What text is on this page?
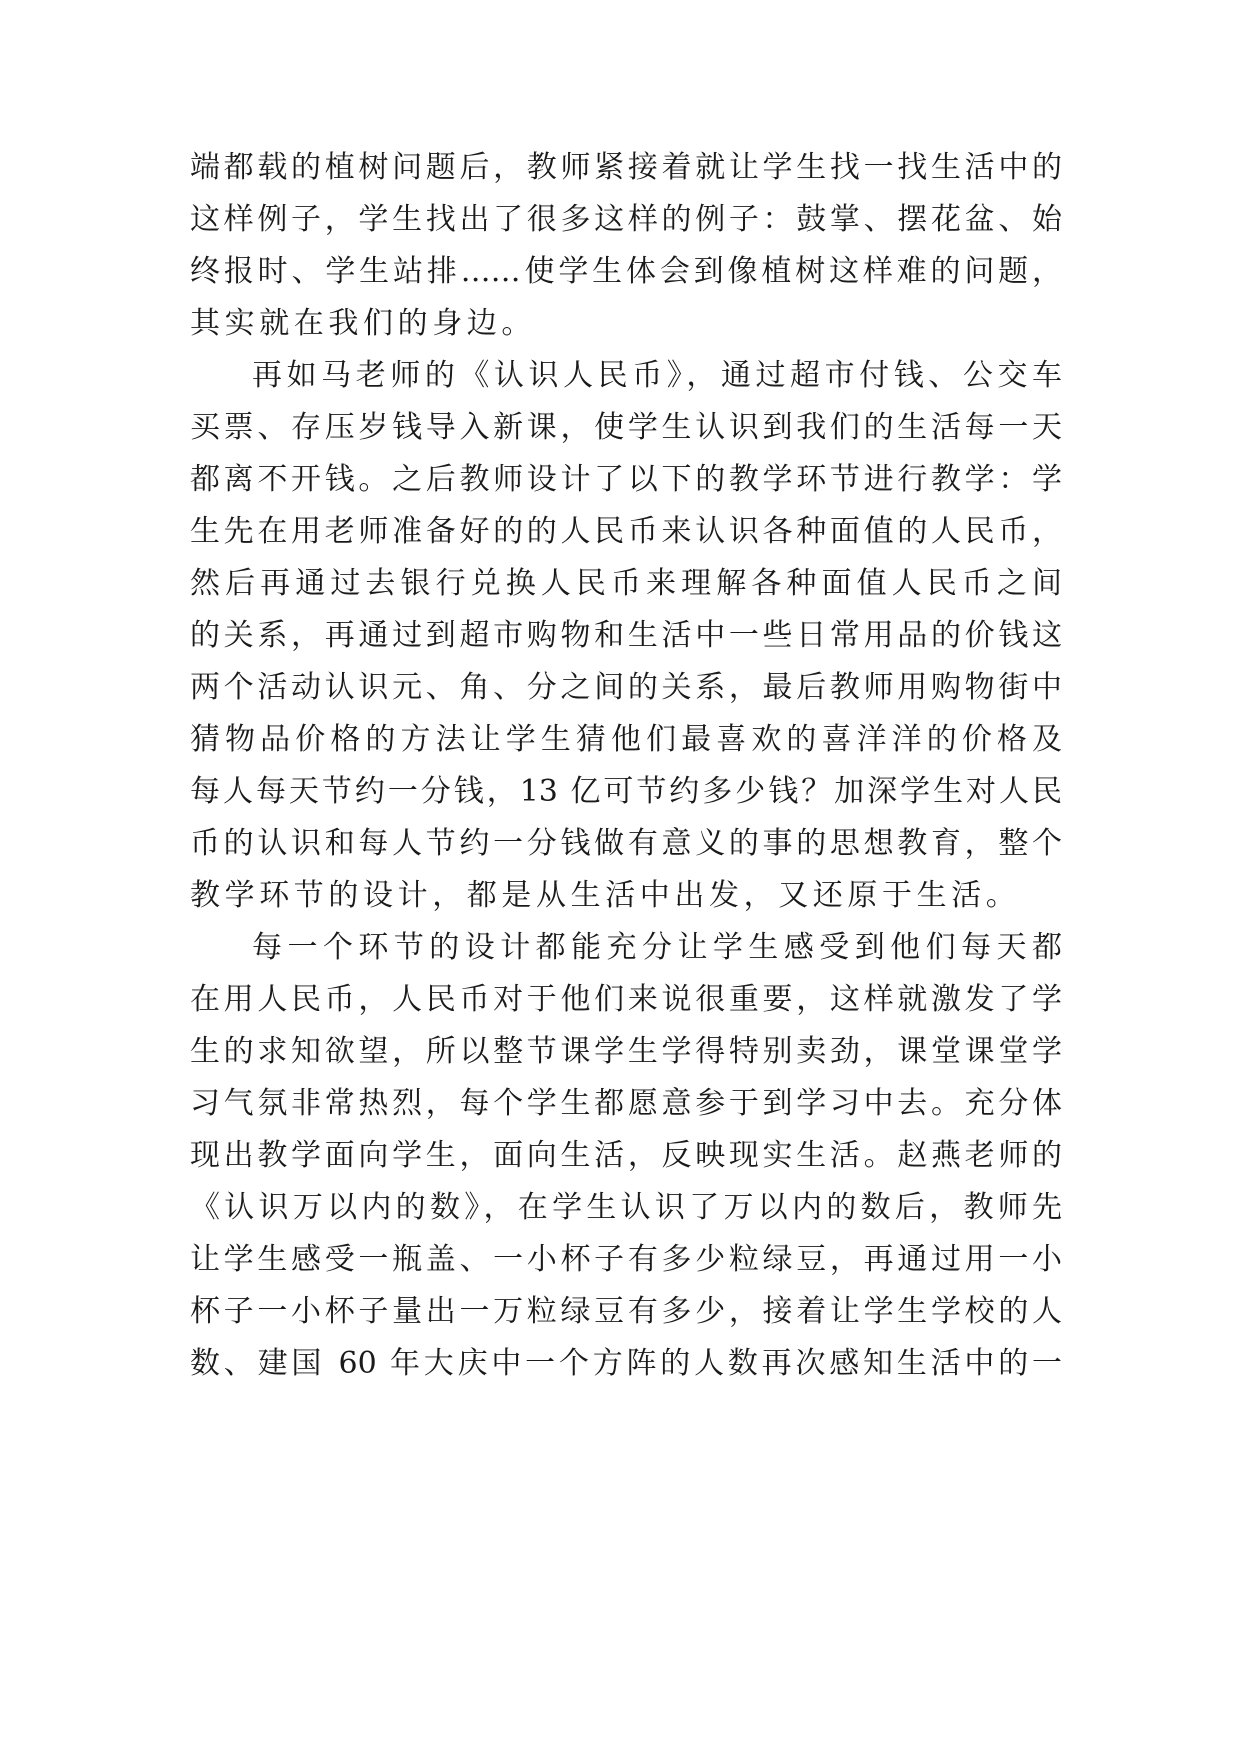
端都载的植树问题后，教师紧接着就让学生找一找生活中的
这样例子，学生找出了很多这样的例子：鼓掌、摆花盆、始
终报时、学生站排……使学生体会到像植树这样难的问题，
其实就在我们的身边。
再如马老师的《认识人民币》，通过超市付钱、公交车
买票、存压岁钱导入新课，使学生认识到我们的生活每一天
都离不开钱。之后教师设计了以下的教学环节进行教学：学
生先在用老师准备好的的人民币来认识各种面值的人民币，
然后再通过去银行兑换人民币来理解各种面值人民币之间
的关系，再通过到超市购物和生活中一些日常用品的价钱这
两个活动认识元、角、分之间的关系，最后教师用购物街中
猜物品价格的方法让学生猜他们最喜欢的喜洋洋的价格及
每人每天节约一分钱，13 亿可节约多少钱？加深学生对人民
币的认识和每人节约一分钱做有意义的事的思想教育，整个
教学环节的设计，都是从生活中出发，又还原于生活。
每一个环节的设计都能充分让学生感受到他们每天都
在用人民币，人民币对于他们来说很重要，这样就激发了学
生的求知欲望，所以整节课学生学得特别卖劲，课堂课堂学
习气氛非常热烈，每个学生都愿意参于到学习中去。充分体
现出教学面向学生，面向生活，反映现实生活。赵燕老师的
《认识万以内的数》，在学生认识了万以内的数后，教师先
让学生感受一瓶盖、一小杯子有多少粒绿豆，再通过用一小
杯子一小杯子量出一万粒绿豆有多少，接着让学生学校的人
数、建国 60 年大庆中一个方阵的人数再次感知生活中的一
